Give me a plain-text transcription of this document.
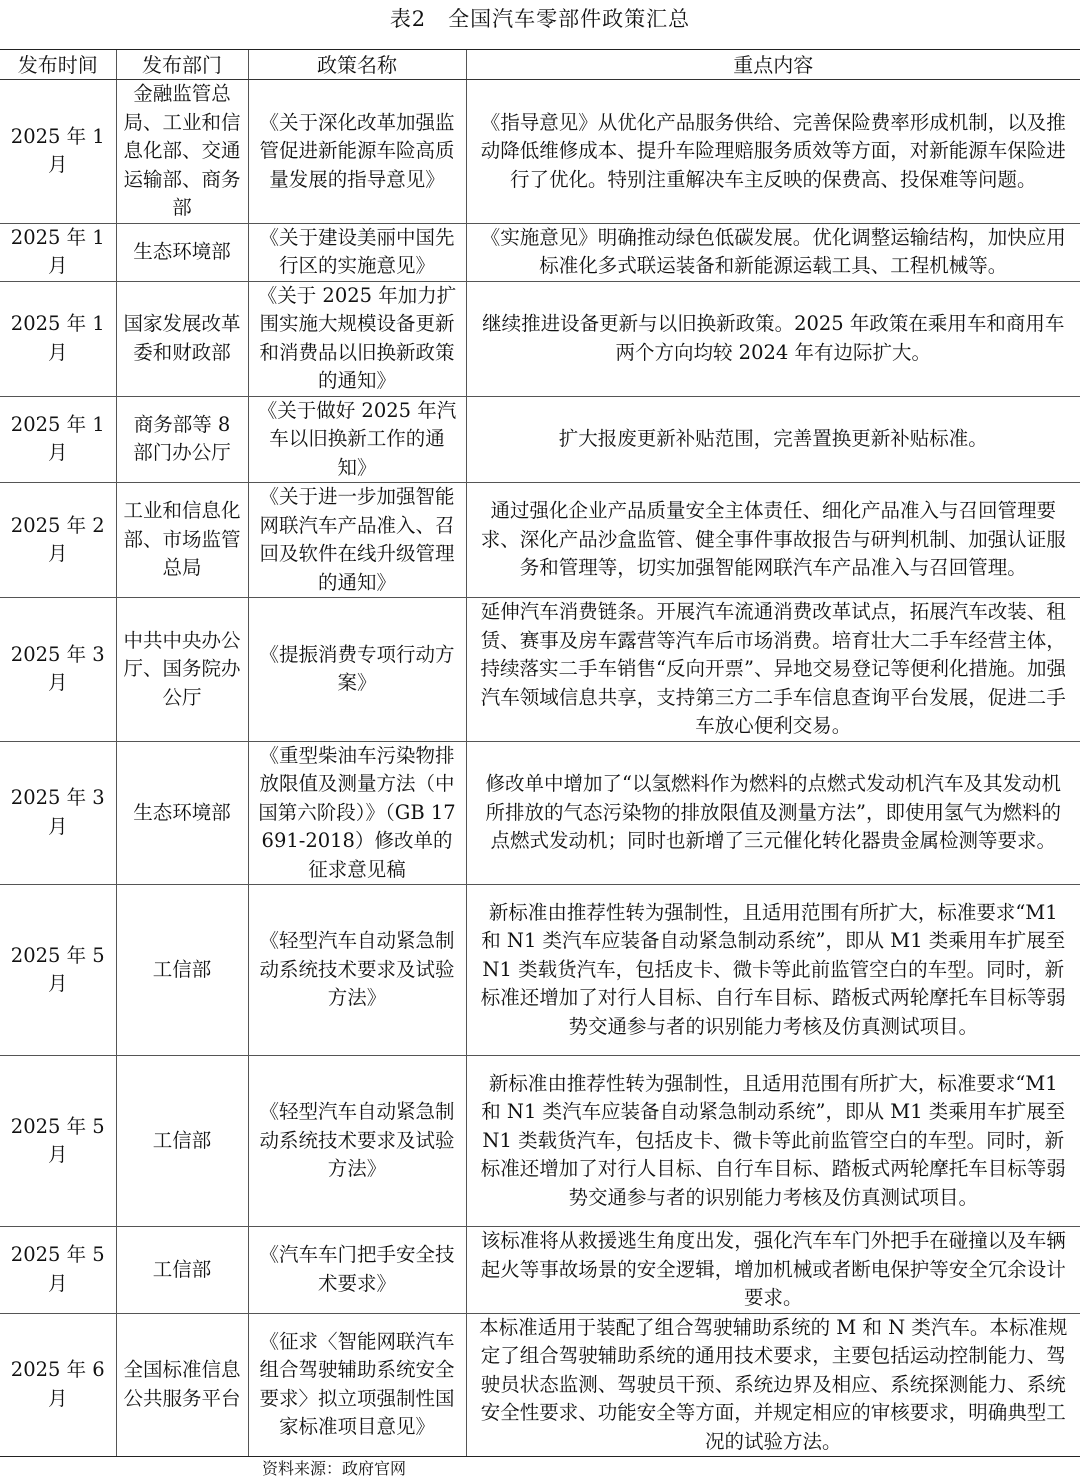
表2　全国汽车零部件政策汇总
发布时间	发布部门	政策名称	重点内容
2025 年 1 月	金融监管总局、工业和信息化部、交通运输部、商务部	《关于深化改革加强监管促进新能源车险高质量发展的指导意见》	《指导意见》从优化产品服务供给、完善保险费率形成机制，以及推动降低维修成本、提升车险理赔服务质效等方面，对新能源车保险进行了优化。特别注重解决车主反映的保费高、投保难等问题。
2025 年 1 月	生态环境部	《关于建设美丽中国先行区的实施意见》	《实施意见》明确推动绿色低碳发展。优化调整运输结构，加快应用标准化多式联运装备和新能源运载工具、工程机械等。
2025 年 1 月	国家发展改革委和财政部	《关于 2025 年加力扩围实施大规模设备更新和消费品以旧换新政策的通知》	继续推进设备更新与以旧换新政策。2025 年政策在乘用车和商用车两个方向均较 2024 年有边际扩大。
2025 年 1 月	商务部等 8 部门办公厅	《关于做好 2025 年汽车以旧换新工作的通知》	扩大报废更新补贴范围，完善置换更新补贴标准。
2025 年 2 月	工业和信息化部、市场监管总局	《关于进一步加强智能网联汽车产品准入、召回及软件在线升级管理的通知》	通过强化企业产品质量安全主体责任、细化产品准入与召回管理要求、深化产品沙盒监管、健全事件事故报告与研判机制、加强认证服务和管理等，切实加强智能网联汽车产品准入与召回管理。
2025 年 3 月	中共中央办公厅、国务院办公厅	《提振消费专项行动方案》	延伸汽车消费链条。开展汽车流通消费改革试点，拓展汽车改装、租赁、赛事及房车露营等汽车后市场消费。培育壮大二手车经营主体，持续落实二手车销售“反向开票”、异地交易登记等便利化措施。加强汽车领域信息共享，支持第三方二手车信息查询平台发展，促进二手车放心便利交易。
2025 年 3 月	生态环境部	《重型柴油车污染物排放限值及测量方法（中国第六阶段）》（GB 17691-2018）修改单的征求意见稿	修改单中增加了“以氢燃料作为燃料的点燃式发动机汽车及其发动机所排放的气态污染物的排放限值及测量方法”，即使用氢气为燃料的点燃式发动机；同时也新增了三元催化转化器贵金属检测等要求。
2025 年 5 月	工信部	《轻型汽车自动紧急制动系统技术要求及试验方法》	新标准由推荐性转为强制性，且适用范围有所扩大，标准要求“M1 和 N1 类汽车应装备自动紧急制动系统”，即从 M1 类乘用车扩展至 N1 类载货汽车，包括皮卡、微卡等此前监管空白的车型。同时，新标准还增加了对行人目标、自行车目标、踏板式两轮摩托车目标等弱势交通参与者的识别能力考核及仿真测试项目。
2025 年 5 月	工信部	《轻型汽车自动紧急制动系统技术要求及试验方法》	新标准由推荐性转为强制性，且适用范围有所扩大，标准要求“M1 和 N1 类汽车应装备自动紧急制动系统”，即从 M1 类乘用车扩展至 N1 类载货汽车，包括皮卡、微卡等此前监管空白的车型。同时，新标准还增加了对行人目标、自行车目标、踏板式两轮摩托车目标等弱势交通参与者的识别能力考核及仿真测试项目。
2025 年 5 月	工信部	《汽车车门把手安全技术要求》	该标准将从救援逃生角度出发，强化汽车车门外把手在碰撞以及车辆起火等事故场景的安全逻辑，增加机械或者断电保护等安全冗余设计要求。
2025 年 6 月	全国标准信息公共服务平台	《征求〈智能网联汽车 组合驾驶辅助系统安全要求〉拟立项强制性国家标准项目意见》	本标准适用于装配了组合驾驶辅助系统的 M 和 N 类汽车。本标准规定了组合驾驶辅助系统的通用技术要求，主要包括运动控制能力、驾驶员状态监测、驾驶员干预、系统边界及相应、系统探测能力、系统安全性要求、功能安全等方面，并规定相应的审核要求，明确典型工况的试验方法。
资料来源：政府官网
